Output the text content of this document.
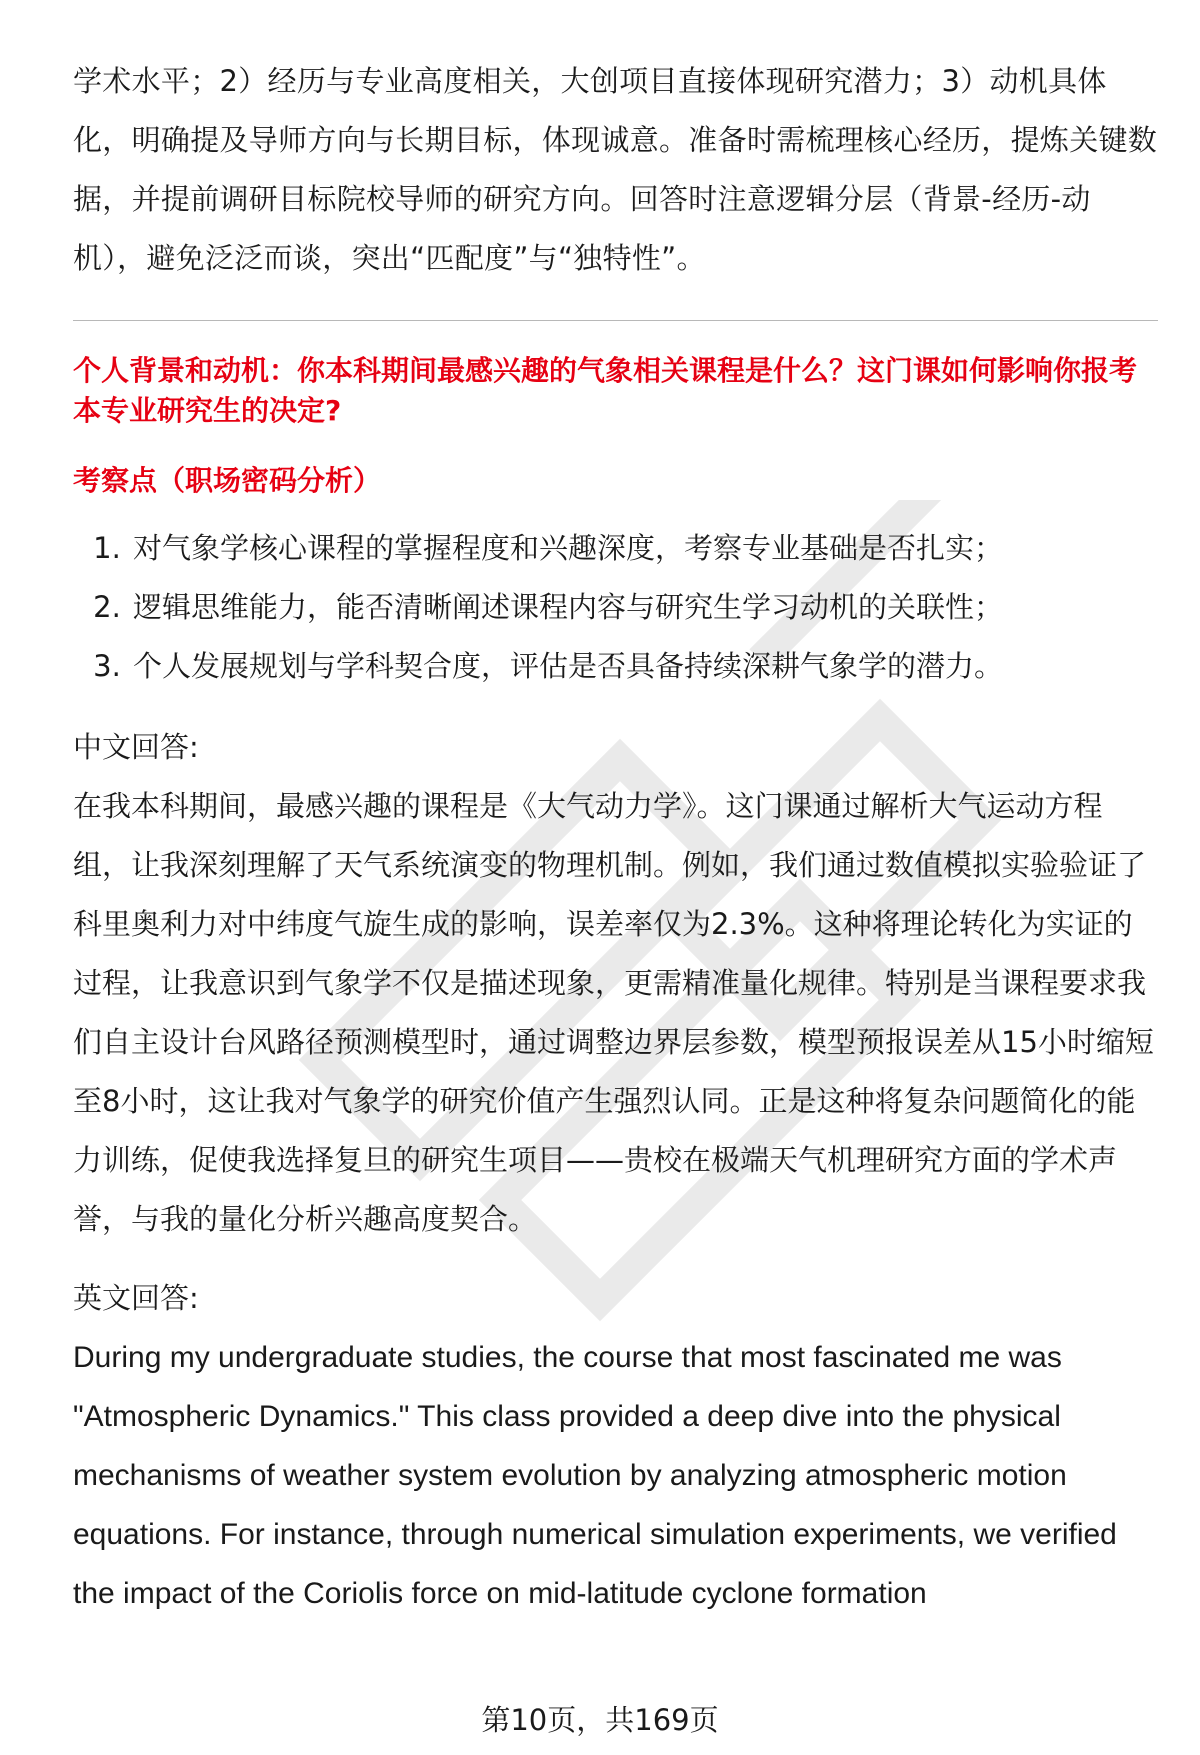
学术水平；2）经历与专业高度相关，大创项目直接体现研究潜力；3）动机具体化，明确提及导师方向与长期目标，体现诚意。准备时需梳理核心经历，提炼关键数据，并提前调研目标院校导师的研究方向。回答时注意逻辑分层（背景-经历-动机），避免泛泛而谈，突出“匹配度”与“独特性”。

个人背景和动机：你本科期间最感兴趣的气象相关课程是什么？这门课如何影响你报考本专业研究生的决定?

考察点（职场密码分析）

1. 对气象学核心课程的掌握程度和兴趣深度，考察专业基础是否扎实；
2. 逻辑思维能力，能否清晰阐述课程内容与研究生学习动机的关联性；
3. 个人发展规划与学科契合度，评估是否具备持续深耕气象学的潜力。

中文回答:

在我本科期间，最感兴趣的课程是《大气动力学》。这门课通过解析大气运动方程组，让我深刻理解了天气系统演变的物理机制。例如，我们通过数值模拟实验验证了科里奥利力对中纬度气旋生成的影响，误差率仅为2.3%。这种将理论转化为实证的过程，让我意识到气象学不仅是描述现象，更需精准量化规律。特别是当课程要求我们自主设计台风路径预测模型时，通过调整边界层参数，模型预报误差从15小时缩短至8小时，这让我对气象学的研究价值产生强烈认同。正是这种将复杂问题简化的能力训练，促使我选择复旦的研究生项目——贵校在极端天气机理研究方面的学术声誉，与我的量化分析兴趣高度契合。

英文回答:

During my undergraduate studies, the course that most fascinated me was "Atmospheric Dynamics." This class provided a deep dive into the physical mechanisms of weather system evolution by analyzing atmospheric motion equations. For instance, through numerical simulation experiments, we verified the impact of the Coriolis force on mid-latitude cyclone formation

第10页，共169页
